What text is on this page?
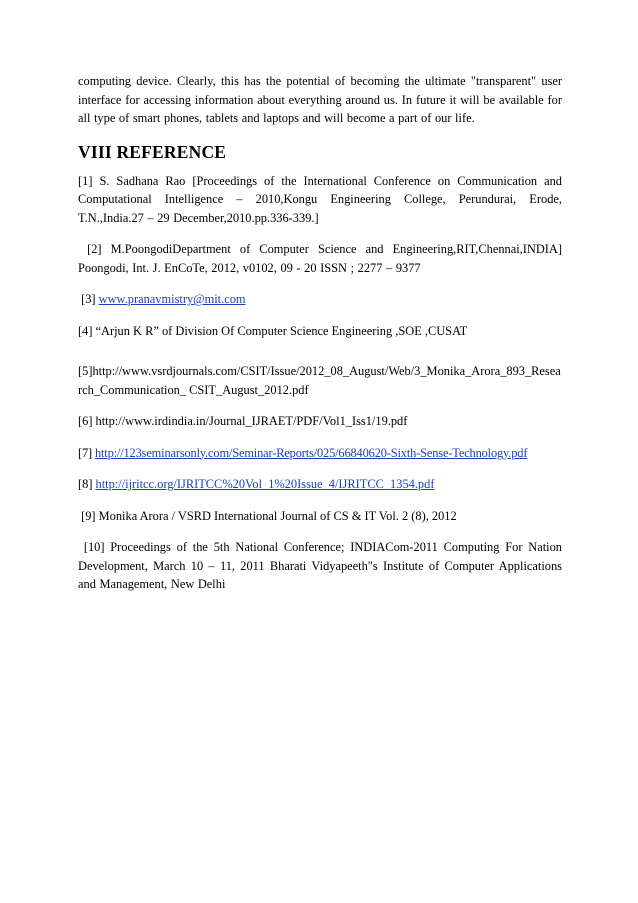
computing device. Clearly, this has the potential of becoming the ultimate "transparent" user interface for accessing information about everything around us. In future it will be available for all type of smart phones, tablets and laptops and will become a part of our life.

VIII REFERENCE

[1] S. Sadhana Rao [Proceedings of the International Conference on Communication and Computational Intelligence – 2010,Kongu Engineering College, Perundurai, Erode, T.N.,India.27 – 29 December,2010.pp.336-339.]

[2] M.PoongodiDepartment of Computer Science and Engineering,RIT,Chennai,INDIA] Poongodi, Int. J. EnCoTe, 2012, v0102, 09 - 20 ISSN ; 2277 – 9377

[3] www.pranavmistry@mit.com

[4] “Arjun K R” of Division Of Computer Science Engineering ,SOE ,CUSAT

[5]http://www.vsrdjournals.com/CSIT/Issue/2012_08_August/Web/3_Monika_Arora_893_Research_Communication_ CSIT_August_2012.pdf

[6] http://www.irdindia.in/Journal_IJRAET/PDF/Vol1_Iss1/19.pdf

[7] http://123seminarsonly.com/Seminar-Reports/025/66840620-Sixth-Sense-Technology.pdf

[8] http://ijritcc.org/IJRITCC%20Vol_1%20Issue_4/IJRITCC_1354.pdf

[9] Monika Arora / VSRD International Journal of CS & IT Vol. 2 (8), 2012

[10] Proceedings of the 5th National Conference; INDIACom-2011 Computing For Nation Development, March 10 – 11, 2011 Bharati Vidyapeeth"s Institute of Computer Applications and Management, New Delhi
